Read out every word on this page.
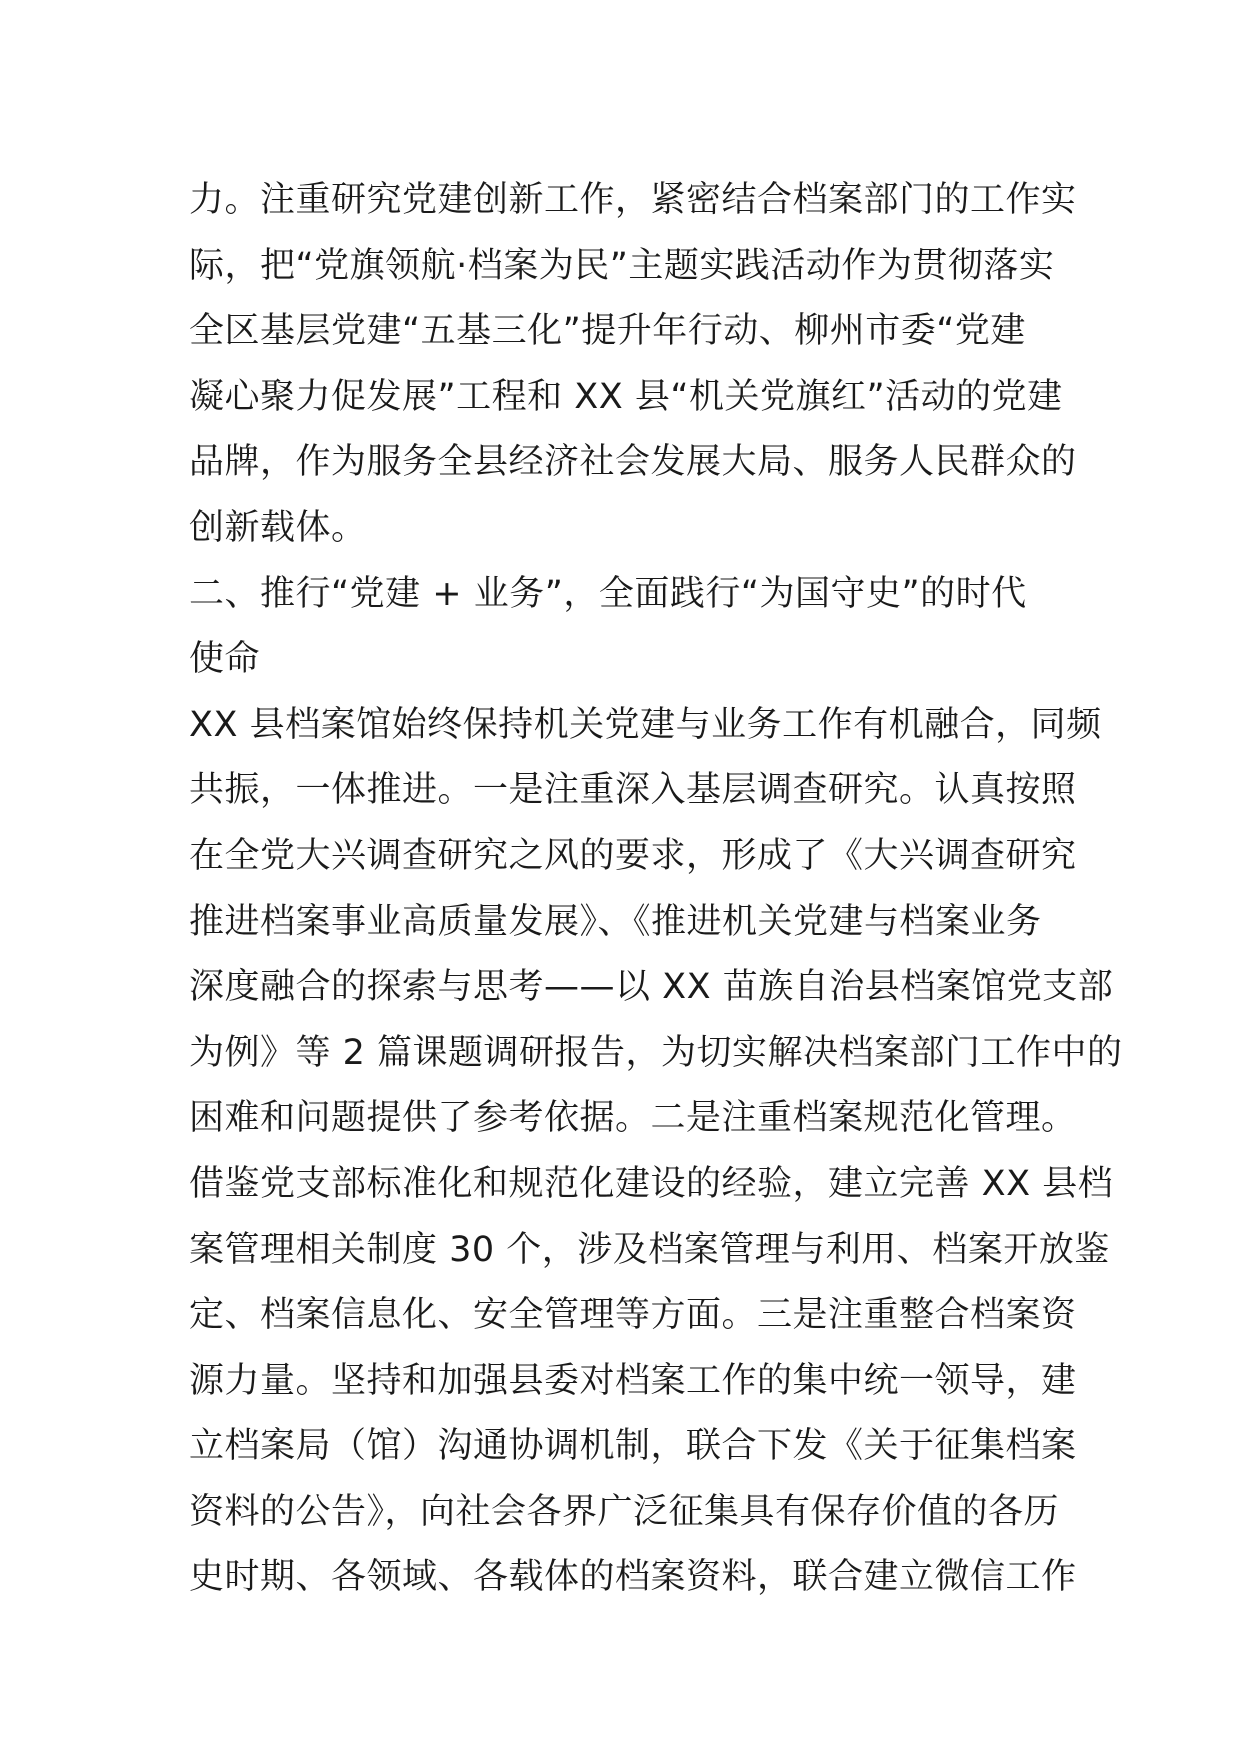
力。注重研究党建创新工作，紧密结合档案部门的工作实
际，把“党旗领航·档案为民”主题实践活动作为贯彻落实
全区基层党建“五基三化”提升年行动、柳州市委“党建
凝心聚力促发展”工程和 XX 县“机关党旗红”活动的党建
品牌，作为服务全县经济社会发展大局、服务人民群众的
创新载体。
二、推行“党建 + 业务”，全面践行“为国守史”的时代
使命
XX 县档案馆始终保持机关党建与业务工作有机融合，同频
共振，一体推进。一是注重深入基层调查研究。认真按照
在全党大兴调查研究之风的要求，形成了《大兴调查研究
推进档案事业高质量发展》、《推进机关党建与档案业务
深度融合的探索与思考——以 XX 苗族自治县档案馆党支部
为例》等 2 篇课题调研报告，为切实解决档案部门工作中的
困难和问题提供了参考依据。二是注重档案规范化管理。
借鉴党支部标准化和规范化建设的经验，建立完善 XX 县档
案管理相关制度 30 个，涉及档案管理与利用、档案开放鉴
定、档案信息化、安全管理等方面。三是注重整合档案资
源力量。坚持和加强县委对档案工作的集中统一领导，建
立档案局（馆）沟通协调机制，联合下发《关于征集档案
资料的公告》，向社会各界广泛征集具有保存价值的各历
史时期、各领域、各载体的档案资料，联合建立微信工作
